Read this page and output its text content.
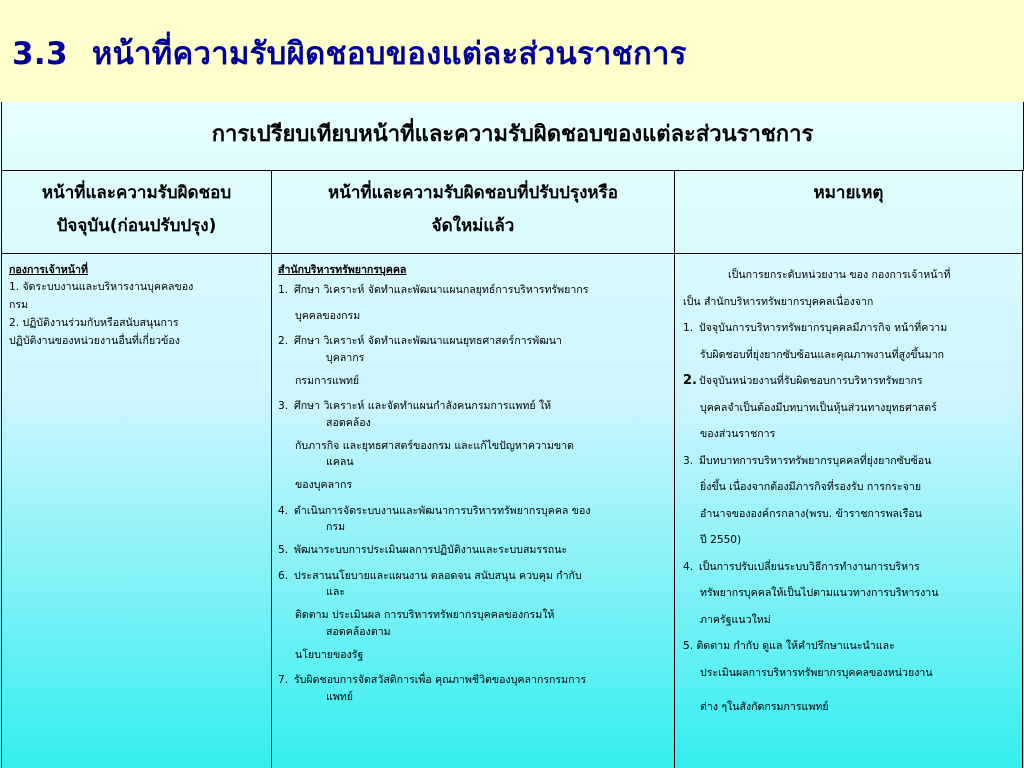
3.3 หน้าที่ความรับผิดชอบของแต่ละส่วนราชการ
การเปรียบเทียบหน้าที่และความรับผิดชอบของแต่ละส่วนราชการ
หน้าที่และความรับผิดชอบ
ปัจจุบัน(ก่อนปรับปรุง)
หน้าที่และความรับผิดชอบที่ปรับปรุงหรือ
จัดใหม่แล้ว
หมายเหตุ
กองการเจ้าหน้าที่
1. จัดระบบงานและบริหารงานบุคคลของ
กรม
2. ปฏิบัติงานร่วมกับหรือสนับสนุนการ
ปฏิบัติงานของหน่วยงานอื่นที่เกี่ยวข้อง
สำนักบริหารทรัพยากรบุคคล
1. ศึกษา วิเคราะห์ จัดทำและพัฒนาแผนกลยุทธ์การบริหารทรัพยากร
บุคคลของกรม
2. ศึกษา วิเคราะห์ จัดทำและพัฒนาแผนยุทธศาสตร์การพัฒนา
บุคลากร
กรมการแพทย์
3. ศึกษา วิเคราะห์ และจัดทำแผนกำลังคนกรมการแพทย์ ให้
สอดคล้อง
กับภารกิจ และยุทธศาสตร์ของกรม และแก้ไขปัญหาความขาด
แคลน
ของบุคลากร
4. ดำเนินการจัดระบบงานและพัฒนาการบริหารทรัพยากรบุคคล ของ
กรม
5. พัฒนาระบบการประเมินผลการปฏิบัติงานและระบบสมรรถนะ
6. ประสานนโยบายและแผนงาน ตลอดจน สนับสนุน ควบคุม กำกับ
และ
ติดตาม ประเมินผล การบริหารทรัพยากรบุคคลของกรมให้
สอดคล้องตาม
นโยบายของรัฐ
7. รับผิดชอบการจัดสวัสดิการเพื่อ คุณภาพชีวิตของบุคลากรกรมการ
แพทย์
เป็นการยกระดับหน่วยงาน ของ กองการเจ้าหน้าที่
เป็น สำนักบริหารทรัพยากรบุคคลเนื่องจาก
1. ปัจจุบันการบริหารทรัพยากรบุคคลมีภารกิจ หน้าที่ความ
รับผิดชอบที่ยุ่งยากซับซ้อนและคุณภาพงานที่สูงขึ้นมาก
2. ปัจจุบันหน่วยงานที่รับผิดชอบการบริหารทรัพยากร
บุคคลจำเป็นต้องมีบทบาทเป็นหุ้นส่วนทางยุทธศาสตร์
ของส่วนราชการ
3. มีบทบาทการบริหารทรัพยากรบุคคลที่ยุ่งยากซับซ้อน
ยิ่งขึ้น เนื่องจากต้องมีภารกิจที่รองรับ การกระจาย
อำนาจขององค์กรกลาง(พรบ. ข้าราชการพลเรือน
ปี 2550)
4. เป็นการปรับเปลี่ยนระบบวิธีการทำงานการบริหาร
ทรัพยากรบุคคลให้เป็นไปตามแนวทางการบริหารงาน
ภาครัฐแนวใหม่
5. ติดตาม กำกับ ดูแล ให้คำปรึกษาแนะนำและ
ประเมินผลการบริหารทรัพยากรบุคคลของหน่วยงาน
ต่าง ๆในสังกัดกรมการแพทย์
